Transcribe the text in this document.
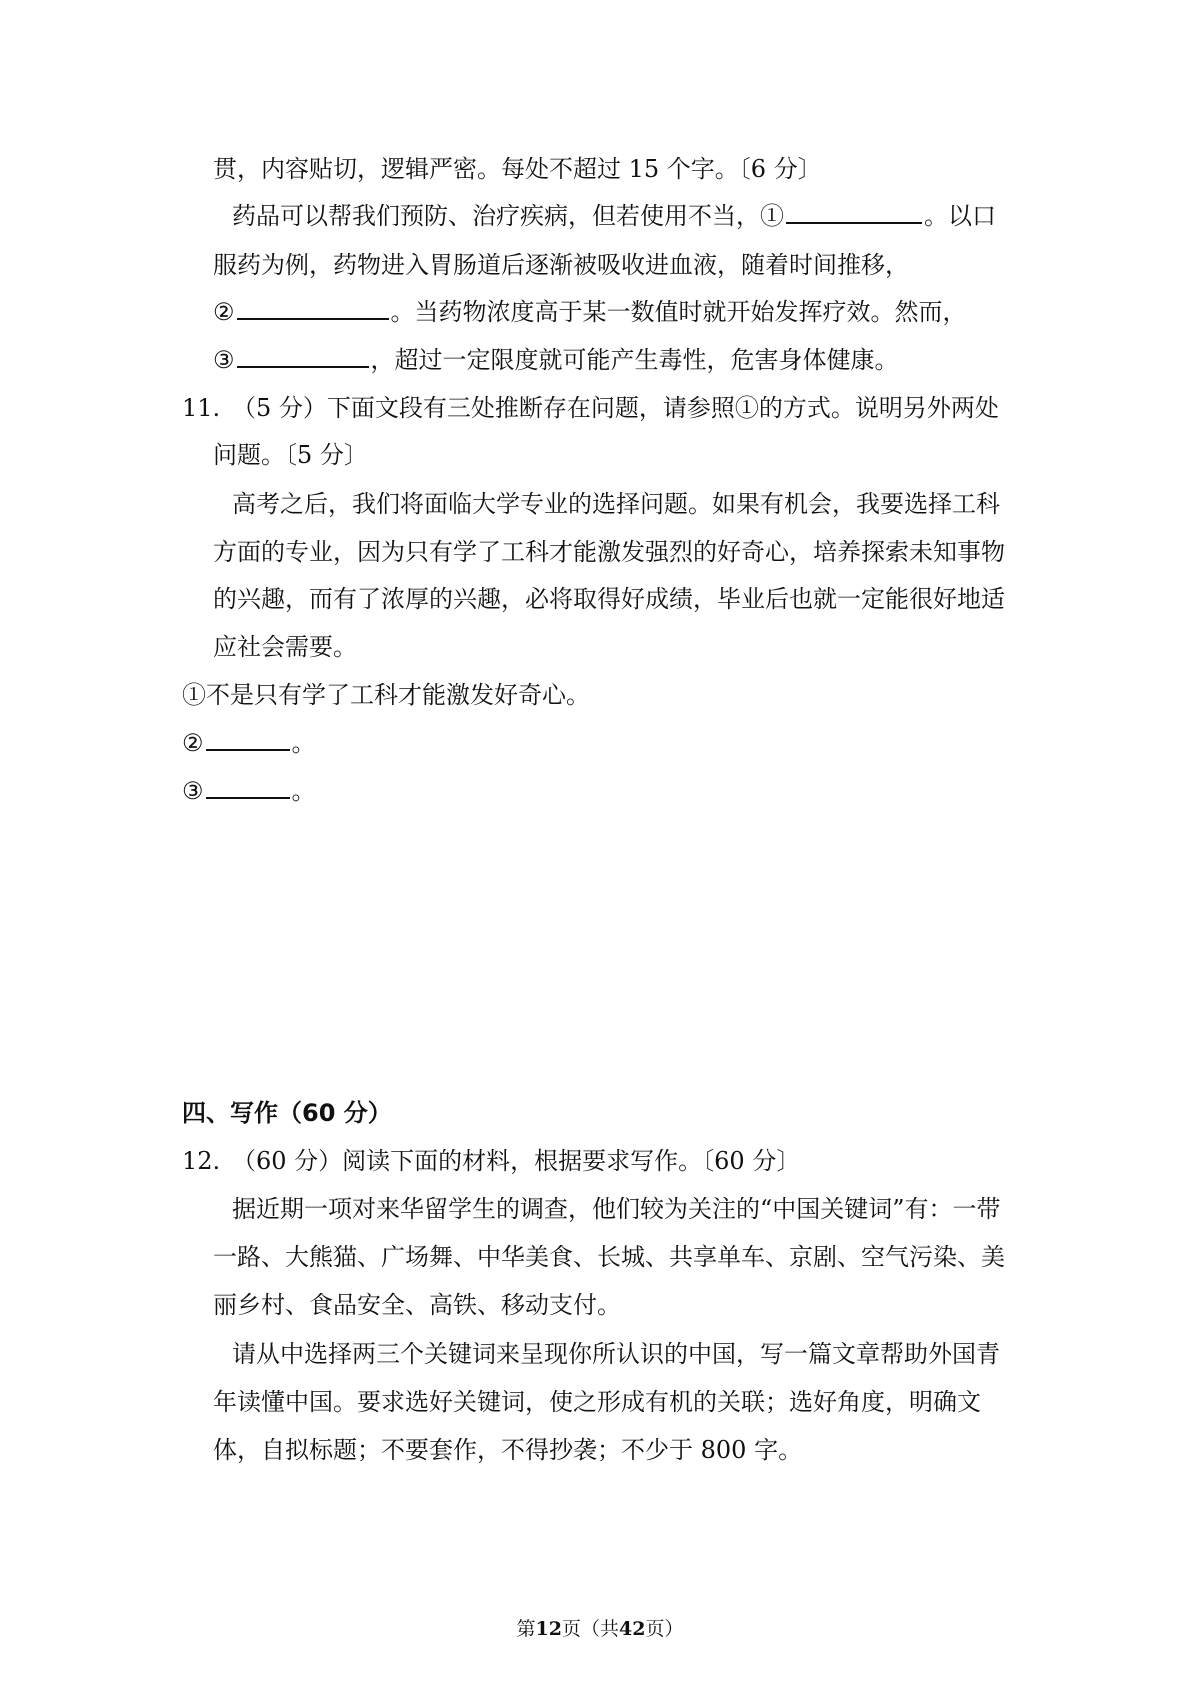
贯，内容贴切，逻辑严密。每处不超过 15 个字。〔6 分〕
药品可以帮我们预防、治疗疾病，但若使用不当，①	。以口
服药为例，药物进入胃肠道后逐渐被吸收进血液，随着时间推移，
②	。当药物浓度高于某一数值时就开始发挥疗效。然而，
③	，超过一定限度就可能产生毒性，危害身体健康。
11. （5 分）下面文段有三处推断存在问题，请参照①的方式。说明另外两处
问题。〔5 分〕
高考之后，我们将面临大学专业的选择问题。如果有机会，我要选择工科
方面的专业，因为只有学了工科才能激发强烈的好奇心，培养探索未知事物
的兴趣，而有了浓厚的兴趣，必将取得好成绩，毕业后也就一定能很好地适
应社会需要。
①不是只有学了工科才能激发好奇心。
②	。
③	。
四、写作（60 分）
12. （60 分）阅读下面的材料，根据要求写作。〔60 分〕
据近期一项对来华留学生的调查，他们较为关注的“中国关键词”有：一带
一路、大熊猫、广场舞、中华美食、长城、共享单车、京剧、空气污染、美
丽乡村、食品安全、高铁、移动支付。
请从中选择两三个关键词来呈现你所认识的中国，写一篇文章帮助外国青
年读懂中国。要求选好关键词，使之形成有机的关联；选好角度，明确文
体，自拟标题；不要套作，不得抄袭；不少于 800 字。
第12页（共42页）
